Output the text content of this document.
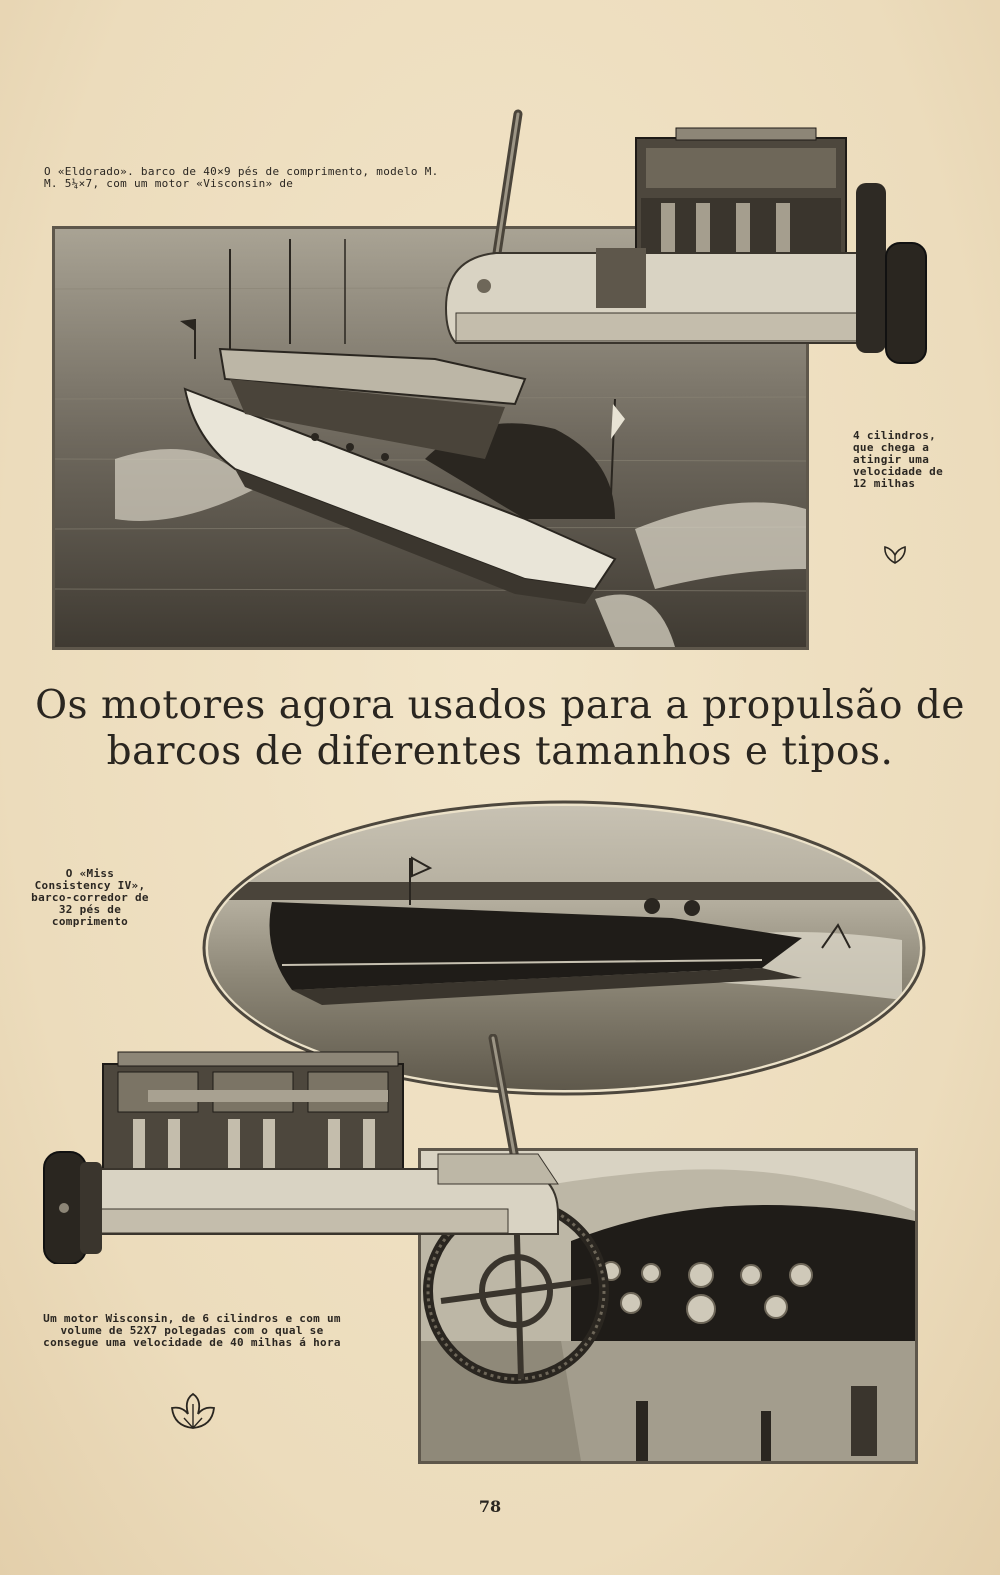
O «Eldorado». barco de 40×9 pés de comprimento, modelo M. M. 5¼×7, com um motor «Visconsin» de
4 cilindros, que chega a atingir uma velocidade de 12 milhas
Os motores agora usados para a propulsão de
barcos de diferentes tamanhos e tipos.
O «Miss Consistency IV», barco-corredor de 32 pés de comprimento
Um motor Wisconsin, de 6 cilindros e com um volume de 52X7 polegadas com o qual se consegue uma velocidade de 40 milhas á hora
78
